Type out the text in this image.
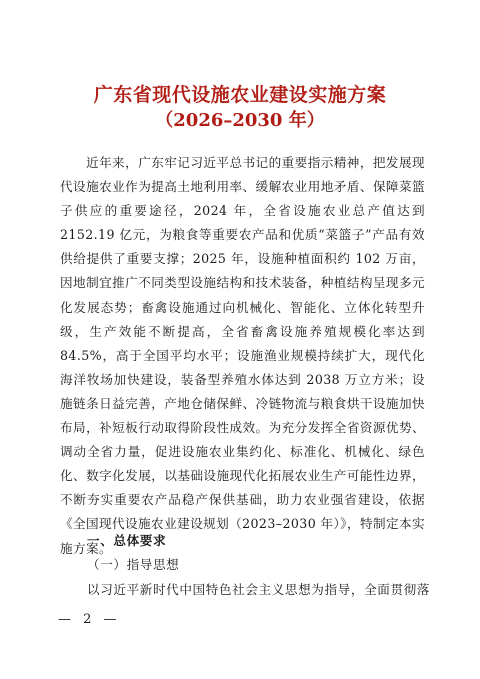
广东省现代设施农业建设实施方案
（2026–2030 年）

近年来，广东牢记习近平总书记的重要指示精神，把发展现代设施农业作为提高土地利用率、缓解农业用地矛盾、保障菜篮子供应的重要途径，2024 年，全省设施农业总产值达到 2152.19 亿元，为粮食等重要农产品和优质“菜篮子”产品有效供给提供了重要支撑；2025 年，设施种植面积约 102 万亩，因地制宜推广不同类型设施结构和技术装备，种植结构呈现多元化发展态势；畜禽设施通过向机械化、智能化、立体化转型升级，生产效能不断提高，全省畜禽设施养殖规模化率达到 84.5%，高于全国平均水平；设施渔业规模持续扩大，现代化海洋牧场加快建设，装备型养殖水体达到 2038 万立方米；设施链条日益完善，产地仓储保鲜、冷链物流与粮食烘干设施加快布局，补短板行动取得阶段性成效。为充分发挥全省资源优势、调动全省力量，促进设施农业集约化、标准化、机械化、绿色化、数字化发展，以基础设施现代化拓展农业生产可能性边界，不断夯实重要农产品稳产保供基础，助力农业强省建设，依据《全国现代设施农业建设规划（2023–2030 年）》，特制定本实施方案。

一、总体要求

（一）指导思想

以习近平新时代中国特色社会主义思想为指导，全面贯彻落

— 2 —
